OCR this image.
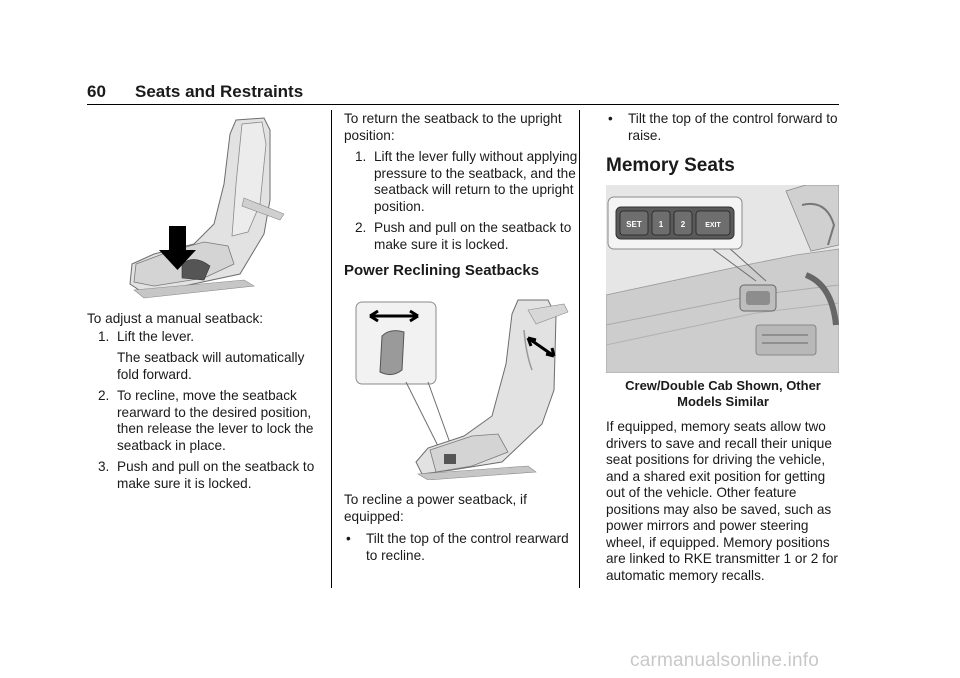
60 Seats and Restraints

To adjust a manual seatback:

1. Lift the lever.

The seatback will automatically fold forward.

2. To recline, move the seatback rearward to the desired position, then release the lever to lock the seatback in place.
3. Push and pull on the seatback to make sure it is locked.

To return the seatback to the upright position:

1. Lift the lever fully without applying pressure to the seatback, and the seatback will return to the upright position.
2. Push and pull on the seatback to make sure it is locked.
Power Reclining Seatbacks

To recline a power seatback, if equipped:

• Tilt the top of the control rearward to recline.
• Tilt the top of the control forward to raise.
Memory Seats
SET 1 2	EXIT

Crew/Double Cab Shown, Other Models Similar

If equipped, memory seats allow two drivers to save and recall their unique seat positions for driving the vehicle, and a shared exit position for getting out of the vehicle. Other feature positions may also be saved, such as power mirrors and power steering wheel, if equipped. Memory positions are linked to RKE transmitter 1 or 2 for automatic memory recalls.

carmanualsonline.info
